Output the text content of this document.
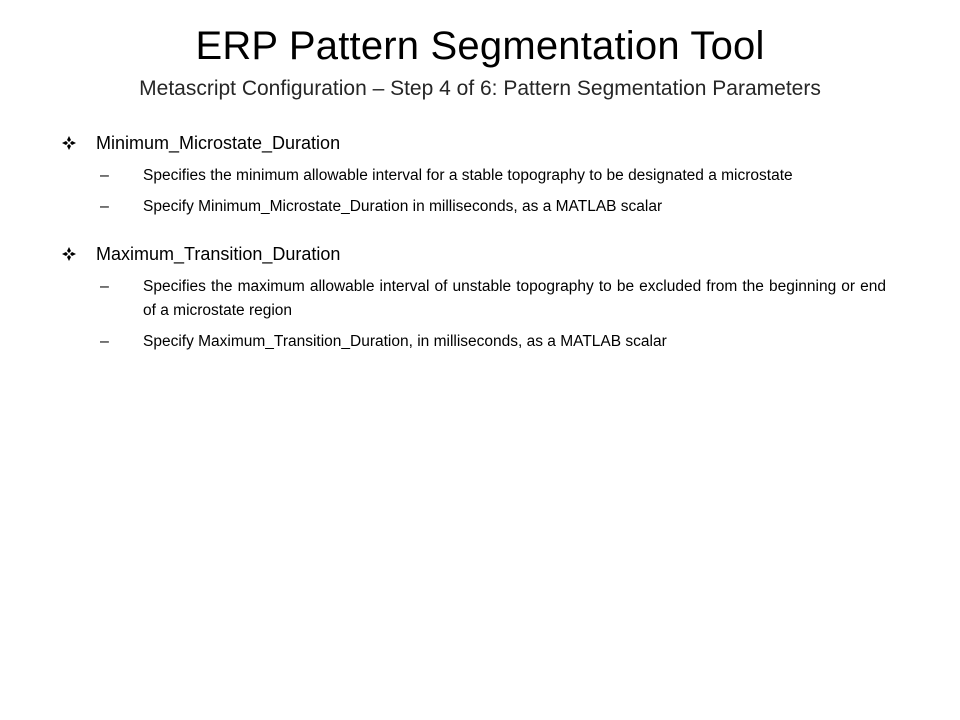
ERP Pattern Segmentation Tool
Metascript Configuration – Step 4 of 6: Pattern Segmentation Parameters
Minimum_Microstate_Duration
– Specifies the minimum allowable interval for a stable topography to be designated a microstate
– Specify Minimum_Microstate_Duration in milliseconds, as a MATLAB scalar
Maximum_Transition_Duration
– Specifies the maximum allowable interval of unstable topography to be excluded from the beginning or end of a microstate region
– Specify Maximum_Transition_Duration, in milliseconds, as a MATLAB scalar
